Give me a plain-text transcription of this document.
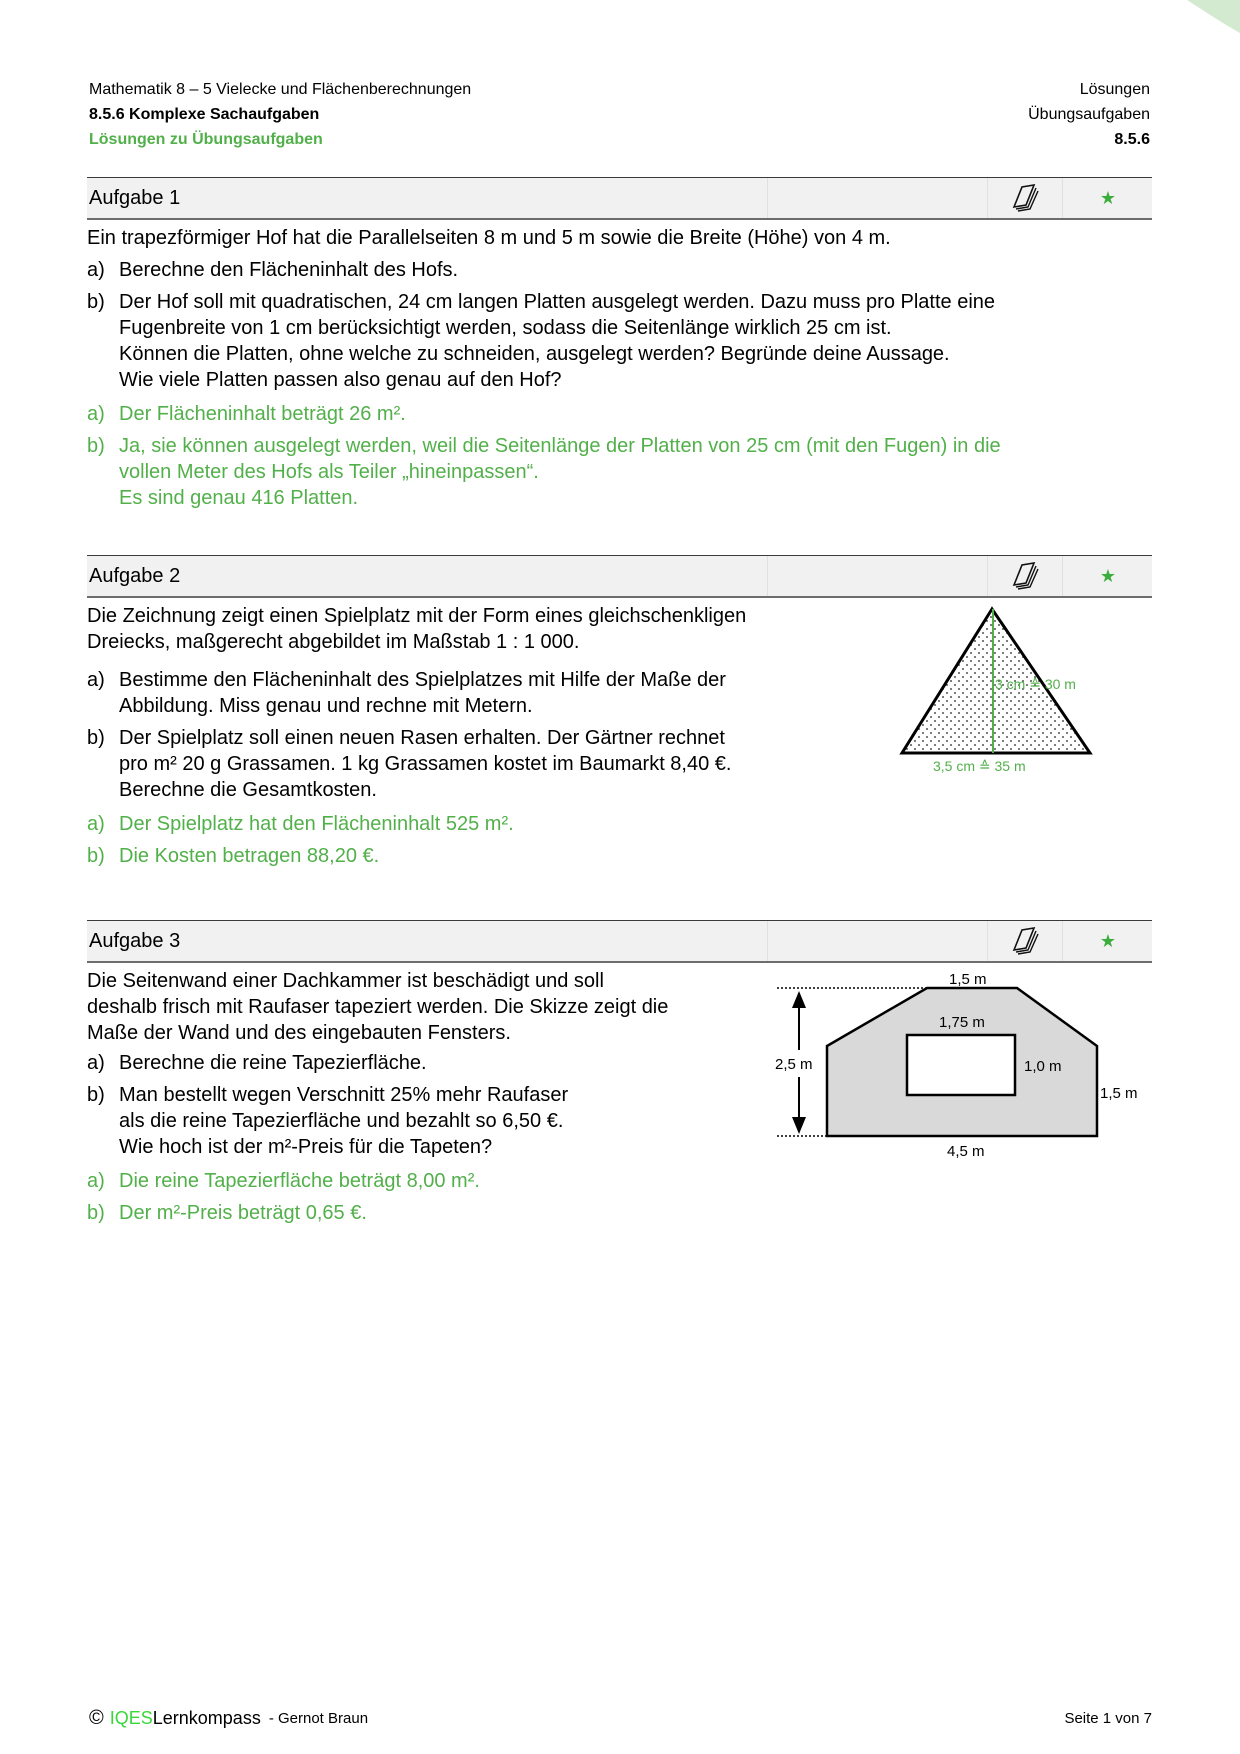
Mathematik 8 – 5 Vielecke und Flächenberechnungen
8.5.6 Komplexe Sachaufgaben
Lösungen zu Übungsaufgaben
Lösungen
Übungsaufgaben
8.5.6
Aufgabe 1	★
Ein trapezförmiger Hof hat die Parallelseiten 8 m und 5 m sowie die Breite (Höhe) von 4 m.
a) Berechne den Flächeninhalt des Hofs.
b) Der Hof soll mit quadratischen, 24 cm langen Platten ausgelegt werden. Dazu muss pro Platte eine
Fugenbreite von 1 cm berücksichtigt werden, sodass die Seitenlänge wirklich 25 cm ist.
Können die Platten, ohne welche zu schneiden, ausgelegt werden? Begründe deine Aussage.
Wie viele Platten passen also genau auf den Hof?
a) Der Flächeninhalt beträgt 26 m².
b) Ja, sie können ausgelegt werden, weil die Seitenlänge der Platten von 25 cm (mit den Fugen) in die
vollen Meter des Hofs als Teiler „hineinpassen“.
Es sind genau 416 Platten.
Aufgabe 2	★
Die Zeichnung zeigt einen Spielplatz mit der Form eines gleichschenkligen
Dreiecks, maßgerecht abgebildet im Maßstab 1 : 1 000.
a) Bestimme den Flächeninhalt des Spielplatzes mit Hilfe der Maße der
Abbildung. Miss genau und rechne mit Metern.
b) Der Spielplatz soll einen neuen Rasen erhalten. Der Gärtner rechnet
pro m² 20 g Grassamen. 1 kg Grassamen kostet im Baumarkt 8,40 €.
Berechne die Gesamtkosten.
a) Der Spielplatz hat den Flächeninhalt 525 m².
b) Die Kosten betragen 88,20 €.
3 cm ≙ 30 m
3,5 cm ≙ 35 m
Aufgabe 3	★
Die Seitenwand einer Dachkammer ist beschädigt und soll
deshalb frisch mit Raufaser tapeziert werden. Die Skizze zeigt die
Maße der Wand und des eingebauten Fensters.
a) Berechne die reine Tapezierfläche.
b) Man bestellt wegen Verschnitt 25% mehr Raufaser
als die reine Tapezierfläche und bezahlt so 6,50 €.
Wie hoch ist der m²-Preis für die Tapeten?
a) Die reine Tapezierfläche beträgt 8,00 m².
b) Der m²-Preis beträgt 0,65 €.
1,5 m
1,75 m
2,5 m	1,0 m
1,5 m
4,5 m
© IQES Lernkompass - Gernot Braun	Seite 1 von 7
